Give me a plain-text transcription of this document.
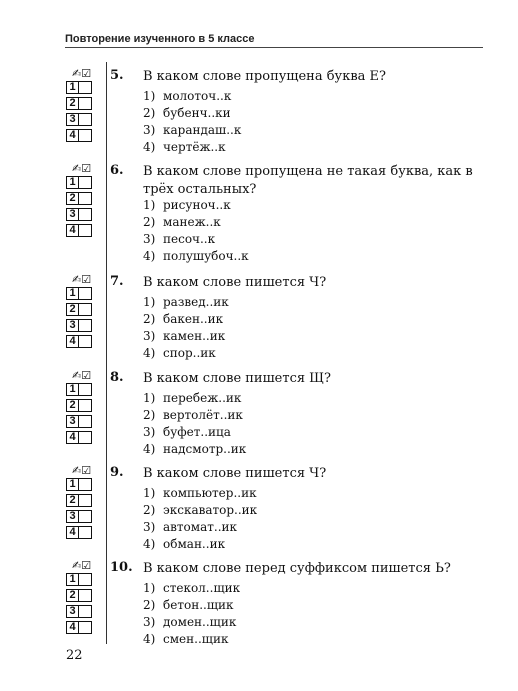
Повторение изученного в 5 классе
✍☑
1
2
3
4
5. В каком слове пропущена буква Е?
1) молоточ..к
2) бубенч..ки
3) карандаш..к
4) чертёж..к
✍☑
1
2
3
4
6. В каком слове пропущена не такая буква, как в трёх остальных?
1) рисуноч..к
2) манеж..к
3) песоч..к
4) полушубоч..к
✍☑
1
2
3
4
7. В каком слове пишется Ч?
1) развед..ик
2) бакен..ик
3) камен..ик
4) спор..ик
✍☑
1
2
3
4
8. В каком слове пишется Щ?
1) перебеж..ик
2) вертолёт..ик
3) буфет..ица
4) надсмотр..ик
✍☑
1
2
3
4
9. В каком слове пишется Ч?
1) компьютер..ик
2) экскаватор..ик
3) автомат..ик
4) обман..ик
✍☑
1
2
3
4
10. В каком слове перед суффиксом пишется Ь?
1) стекол..щик
2) бетон..щик
3) домен..щик
4) смен..щик
22
